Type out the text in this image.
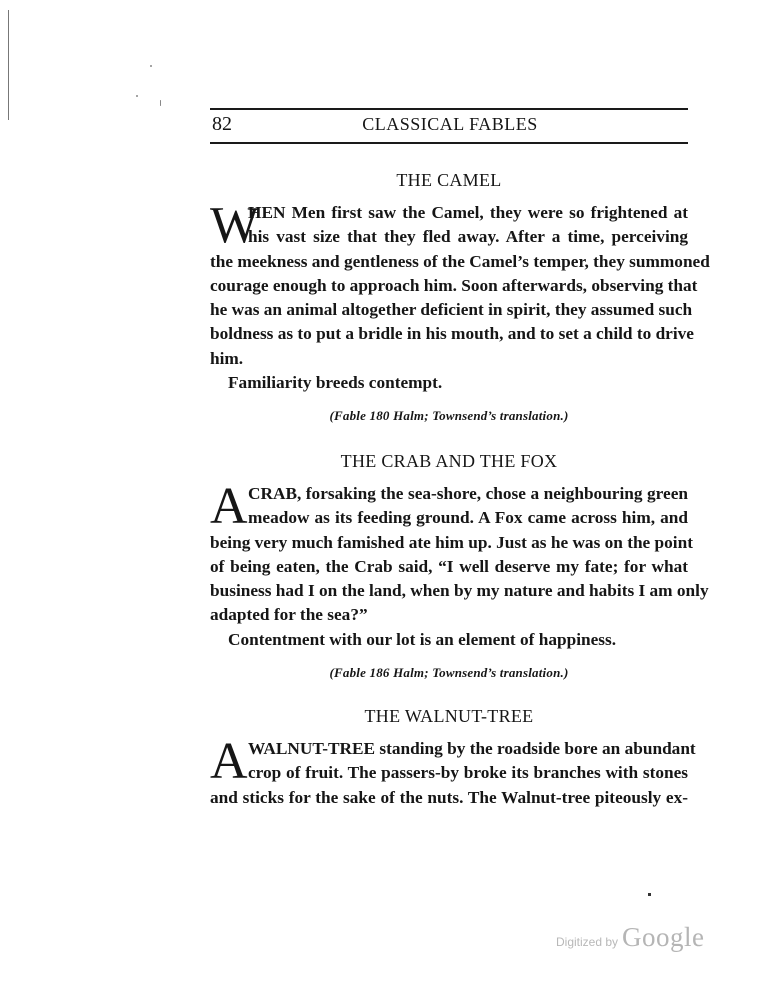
82	CLASSICAL FABLES
THE CAMEL
W
HEN Men first saw the Camel, they were so frightened at
his vast size that they fled away. After a time, perceiving
the meekness and gentleness of the Camel’s temper, they summoned
courage enough to approach him. Soon afterwards, observing that
he was an animal altogether deficient in spirit, they assumed such
boldness as to put a bridle in his mouth, and to set a child to drive
him.
Familiarity breeds contempt.
(Fable 180 Halm; Townsend’s translation.)
THE CRAB AND THE FOX
A CRAB, forsaking the sea-shore, chose a neighbouring green
meadow as its feeding ground. A Fox came across him, and
being very much famished ate him up. Just as he was on the point
of being eaten, the Crab said, “I well deserve my fate; for what
business had I on the land, when by my nature and habits I am only
adapted for the sea?”
Contentment with our lot is an element of happiness.
(Fable 186 Halm; Townsend’s translation.)
THE WALNUT-TREE
A WALNUT-TREE standing by the roadside bore an abundant
crop of fruit. The passers-by broke its branches with stones
and sticks for the sake of the nuts. The Walnut-tree piteously ex-
Digitized by Google
